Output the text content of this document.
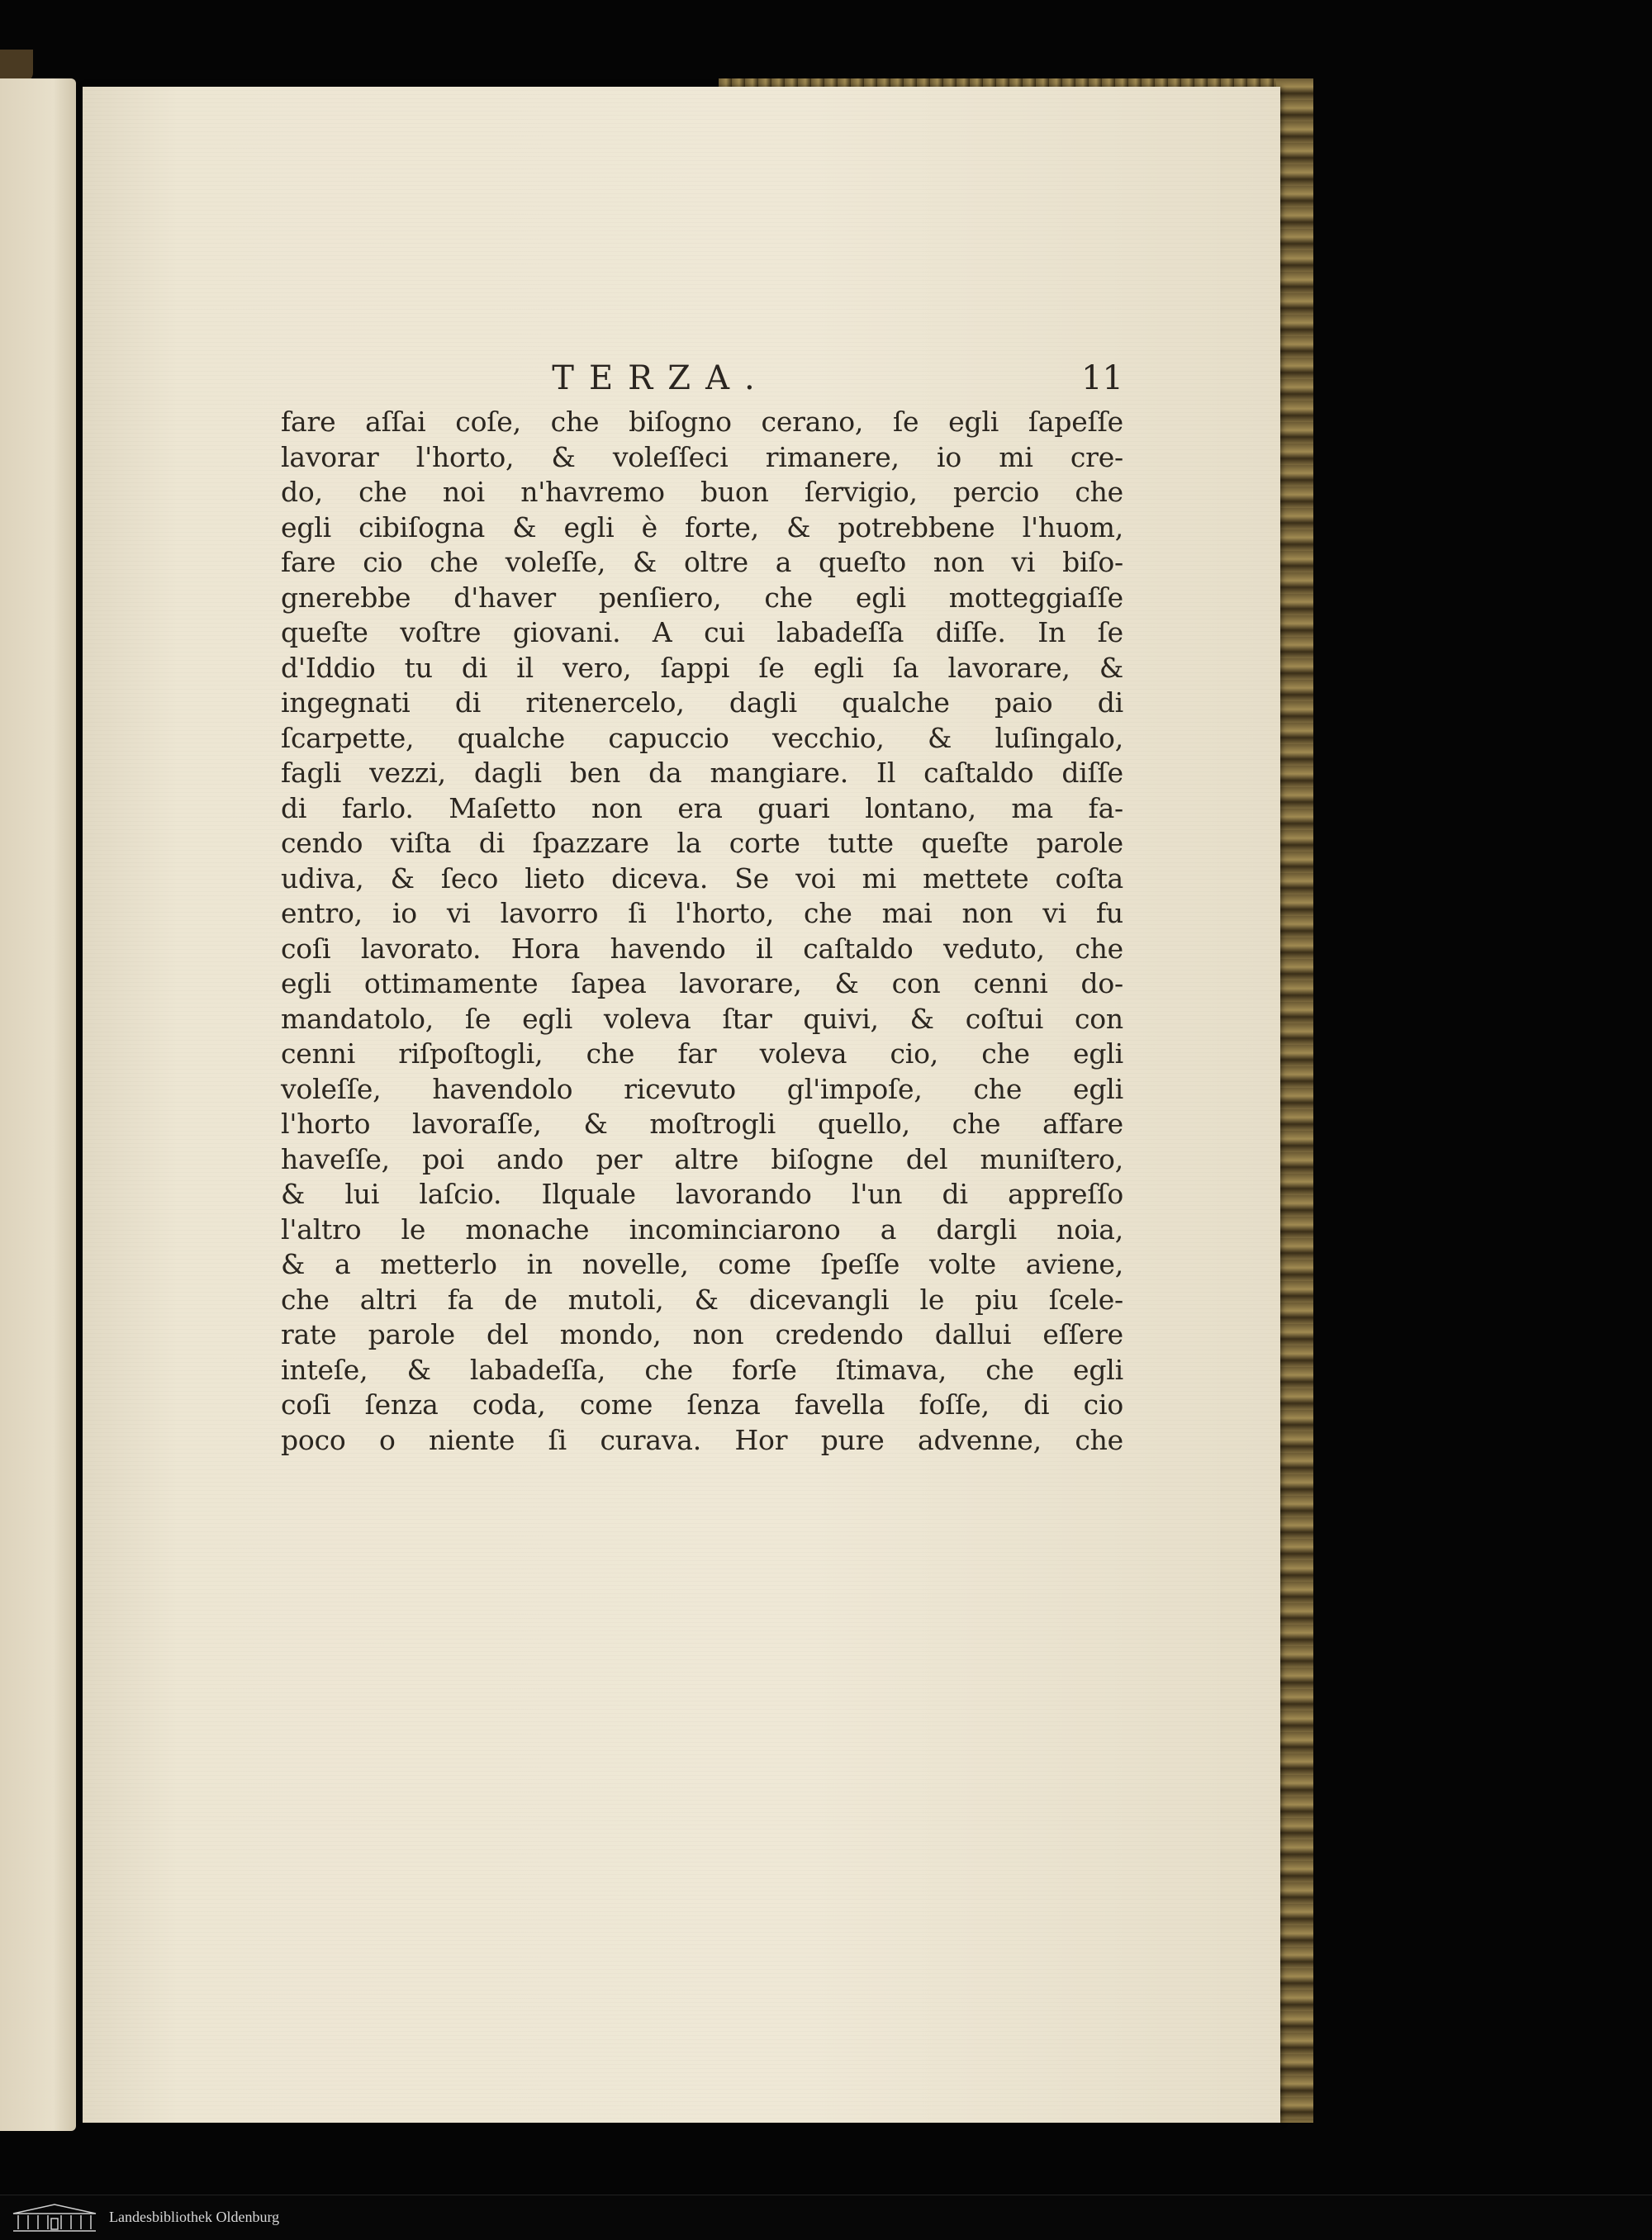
TERZA.	11
fare aſſai coſe, che biſogno cerano, ſe egli ſapeſſe
lavorar l'horto, & voleſſeci rimanere, io mi cre-
do, che noi n'havremo buon ſervigio, percio che
egli cibiſogna & egli è forte, & potrebbene l'huom,
fare cio che voleſſe, & oltre a queſto non vi biſo-
gnerebbe d'haver penſiero, che egli motteggiaſſe
queſte voſtre giovani. A cui labadeſſa diſſe. In ſe
d'Iddio tu di il vero, ſappi ſe egli ſa lavorare, &
ingegnati di ritenercelo, dagli qualche paio di
ſcarpette, qualche capuccio vecchio, & luſingalo,
fagli vezzi, dagli ben da mangiare. Il caſtaldo diſſe
di farlo. Maſetto non era guari lontano, ma fa-
cendo viſta di ſpazzare la corte tutte queſte parole
udiva, & ſeco lieto diceva. Se voi mi mettete coſta
entro, io vi lavorro ſi l'horto, che mai non vi fu
coſi lavorato. Hora havendo il caſtaldo veduto, che
egli ottimamente ſapea lavorare, & con cenni do-
mandatolo, ſe egli voleva ſtar quivi, & coſtui con
cenni riſpoſtogli, che far voleva cio, che egli
voleſſe, havendolo ricevuto gl'impoſe, che egli
l'horto lavoraſſe, & moſtrogli quello, che affare
haveſſe, poi ando per altre biſogne del muniſtero,
& lui laſcio. Ilquale lavorando l'un di appreſſo
l'altro le monache incominciarono a dargli noia,
& a metterlo in novelle, come ſpeſſe volte aviene,
che altri fa de mutoli, & dicevangli le piu ſcele-
rate parole del mondo, non credendo dallui eſſere
inteſe, & labadeſſa, che forſe ſtimava, che egli
coſi ſenza coda, come ſenza favella foſſe, di cio
poco o niente ſi curava. Hor pure advenne, che
Landesbibliothek Oldenburg
